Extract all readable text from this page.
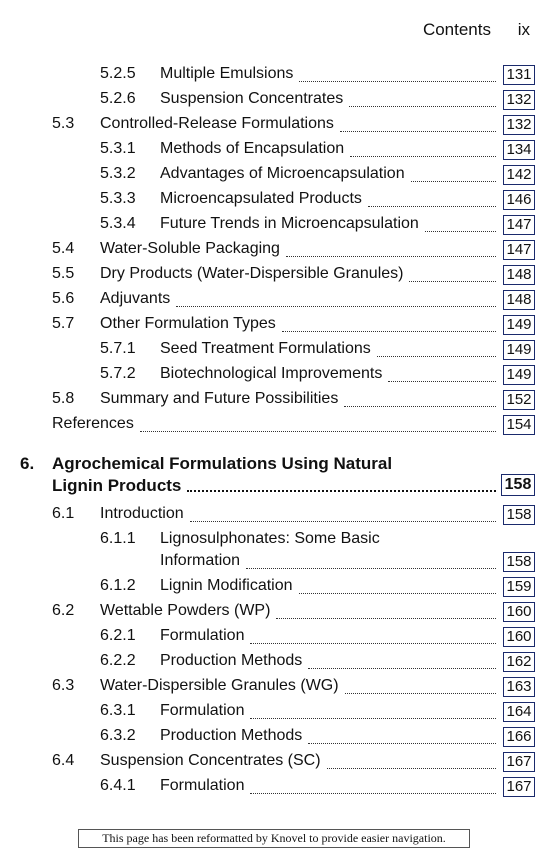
Contents ix
5.2.5 Multiple Emulsions	131
5.2.6 Suspension Concentrates	132
5.3 Controlled-Release Formulations	132
5.3.1 Methods of Encapsulation	134
5.3.2 Advantages of Microencapsulation	142
5.3.3 Microencapsulated Products	146
5.3.4 Future Trends in Microencapsulation	147
5.4 Water-Soluble Packaging	147
5.5 Dry Products (Water-Dispersible Granules)	148
5.6 Adjuvants	148
5.7 Other Formulation Types	149
5.7.1 Seed Treatment Formulations	149
5.7.2 Biotechnological Improvements	149
5.8 Summary and Future Possibilities	152
References	154
6. Agrochemical Formulations Using Natural
Lignin Products	158
6.1 Introduction	158
6.1.1 Lignosulphonates: Some Basic
Information	158
6.1.2 Lignin Modification	159
6.2 Wettable Powders (WP)	160
6.2.1 Formulation	160
6.2.2 Production Methods	162
6.3 Water-Dispersible Granules (WG)	163
6.3.1 Formulation	164
6.3.2 Production Methods	166
6.4 Suspension Concentrates (SC)	167
6.4.1 Formulation	167
This page has been reformatted by Knovel to provide easier navigation.
